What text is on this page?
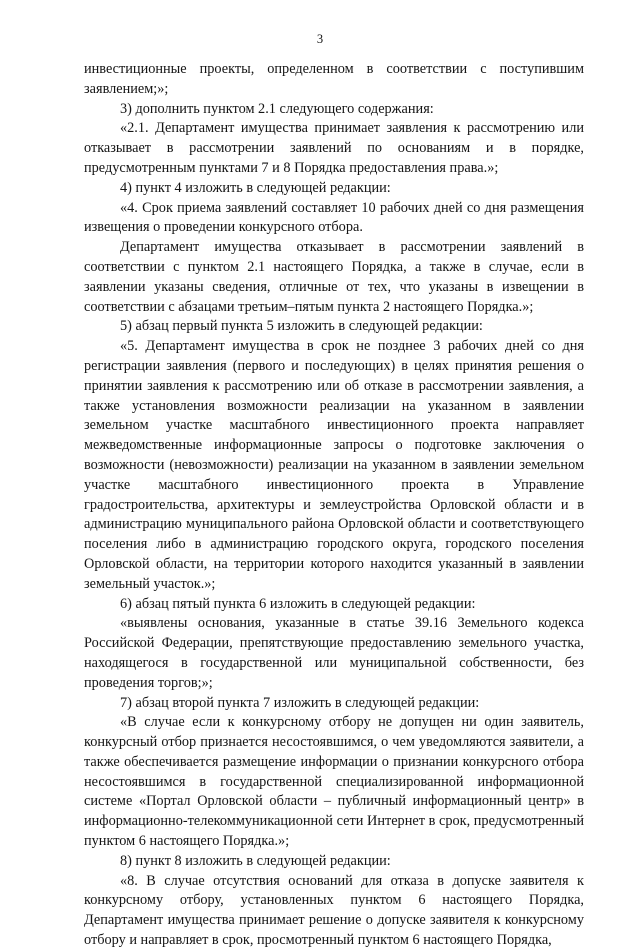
3

инвестиционные проекты, определенном в соответствии с поступившим заявлением;»;

3) дополнить пунктом 2.1 следующего содержания:

«2.1. Департамент имущества принимает заявления к рассмотрению или отказывает в рассмотрении заявлений по основаниям и в порядке, предусмотренным пунктами 7 и 8 Порядка предоставления права.»;

4) пункт 4 изложить в следующей редакции:

«4. Срок приема заявлений составляет 10 рабочих дней со дня размещения извещения о проведении конкурсного отбора.

Департамент имущества отказывает в рассмотрении заявлений в соответствии с пунктом 2.1 настоящего Порядка, а также в случае, если в заявлении указаны сведения, отличные от тех, что указаны в извещении в соответствии с абзацами третьим–пятым пункта 2 настоящего Порядка.»;

5) абзац первый пункта 5 изложить в следующей редакции:

«5. Департамент имущества в срок не позднее 3 рабочих дней со дня регистрации заявления (первого и последующих) в целях принятия решения о принятии заявления к рассмотрению или об отказе в рассмотрении заявления, а также установления возможности реализации на указанном в заявлении земельном участке масштабного инвестиционного проекта направляет межведомственные информационные запросы о подготовке заключения о возможности (невозможности) реализации на указанном в заявлении земельном участке масштабного инвестиционного проекта в Управление градостроительства, архитектуры и землеустройства Орловской области и в администрацию муниципального района Орловской области и соответствующего поселения либо в администрацию городского округа, городского поселения Орловской области, на территории которого находится указанный в заявлении земельный участок.»;

6) абзац пятый пункта 6 изложить в следующей редакции:

«выявлены основания, указанные в статье 39.16 Земельного кодекса Российской Федерации, препятствующие предоставлению земельного участка, находящегося в государственной или муниципальной собственности, без проведения торгов;»;

7) абзац второй пункта 7 изложить в следующей редакции:

«В случае если к конкурсному отбору не допущен ни один заявитель, конкурсный отбор признается несостоявшимся, о чем уведомляются заявители, а также обеспечивается размещение информации о признании конкурсного отбора несостоявшимся в государственной специализированной информационной системе «Портал Орловской области – публичный информационный центр» в информационно-телекоммуникационной сети Интернет в срок, предусмотренный пунктом 6 настоящего Порядка.»;

8) пункт 8 изложить в следующей редакции:

«8. В случае отсутствия оснований для отказа в допуске заявителя к конкурсному отбору, установленных пунктом 6 настоящего Порядка, Департамент имущества принимает решение о допуске заявителя к конкурсному отбору и направляет в срок, просмотренный пунктом 6 настоящего Порядка,
